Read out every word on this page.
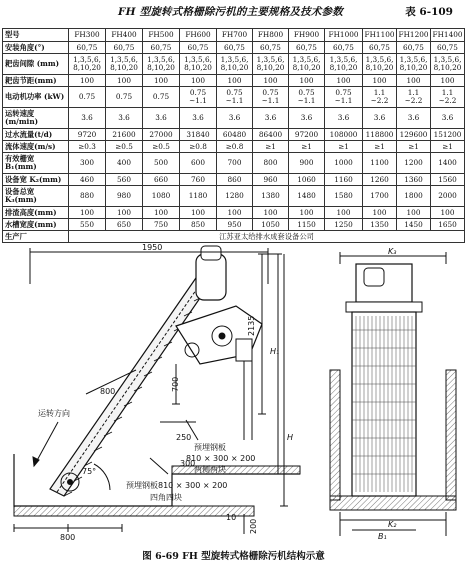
FH 型旋转式格栅除污机的主要规格及技术参数	表 6-109
型号	FH300	FH400	FH500	FH600	FH700	FH800	FH900	FH1000	FH1100	FH1200	FH1400
安装角度(°)	60,75	60,75	60,75	60,75	60,75	60,75	60,75	60,75	60,75	60,75	60,75
耙齿间隙 (mm)	1,3,5,6, 8,10,20	1,3,5,6, 8,10,20	1,3,5,6, 8,10,20	1,3,5,6, 8,10,20	1,3,5,6, 8,10,20	1,3,5,6, 8,10,20	1,3,5,6, 8,10,20	1,3,5,6, 8,10,20	1,3,5,6, 8,10,20	1,3,5,6, 8,10,20	1,3,5,6, 8,10,20
耙齿节距(mm)	100	100	100	100	100	100	100	100	100	100	100
电动机功率 (kW)	0.75	0.75	0.75	0.75 ~1.1	0.75 ~1.1	0.75 ~1.1	0.75 ~1.1	0.75 ~1.1	1.1 ~2.2	1.1 ~2.2	1.1 ~2.2
运转速度 (m/min)	3.6	3.6	3.6	3.6	3.6	3.6	3.6	3.6	3.6	3.6	3.6
过水流量(t/d)	9720	21600	27000	31840	60480	86400	97200	108000	118800	129600	151200
流体速度(m/s)	≥0.3	≥0.5	≥0.5	≥0.8	≥0.8	≥1	≥1	≥1	≥1	≥1	≥1
有效栅宽 B₁(mm)	300	400	500	600	700	800	900	1000	1100	1200	1400
设备宽 K₂(mm)	460	560	660	760	860	960	1060	1160	1260	1360	1560
设备总宽 K₃(mm)	880	980	1080	1180	1280	1380	1480	1580	1700	1800	2000
排渣高度(mm)	100	100	100	100	100	100	100	100	100	100	100
水槽宽度(mm)	550	650	750	850	950	1050	1150	1250	1350	1450	1650
生产厂	江苏亚太给排水成套设备公司										
1950
2135
H₁
H
700
800
800
250
200
300
75°
10
运转方向
预埋钢板
810 × 300 × 200
两侧两块
预埋钢板810 × 300 × 200
四角四块
K₃
K₂
B₁
图 6-69 FH 型旋转式格栅除污机结构示意
